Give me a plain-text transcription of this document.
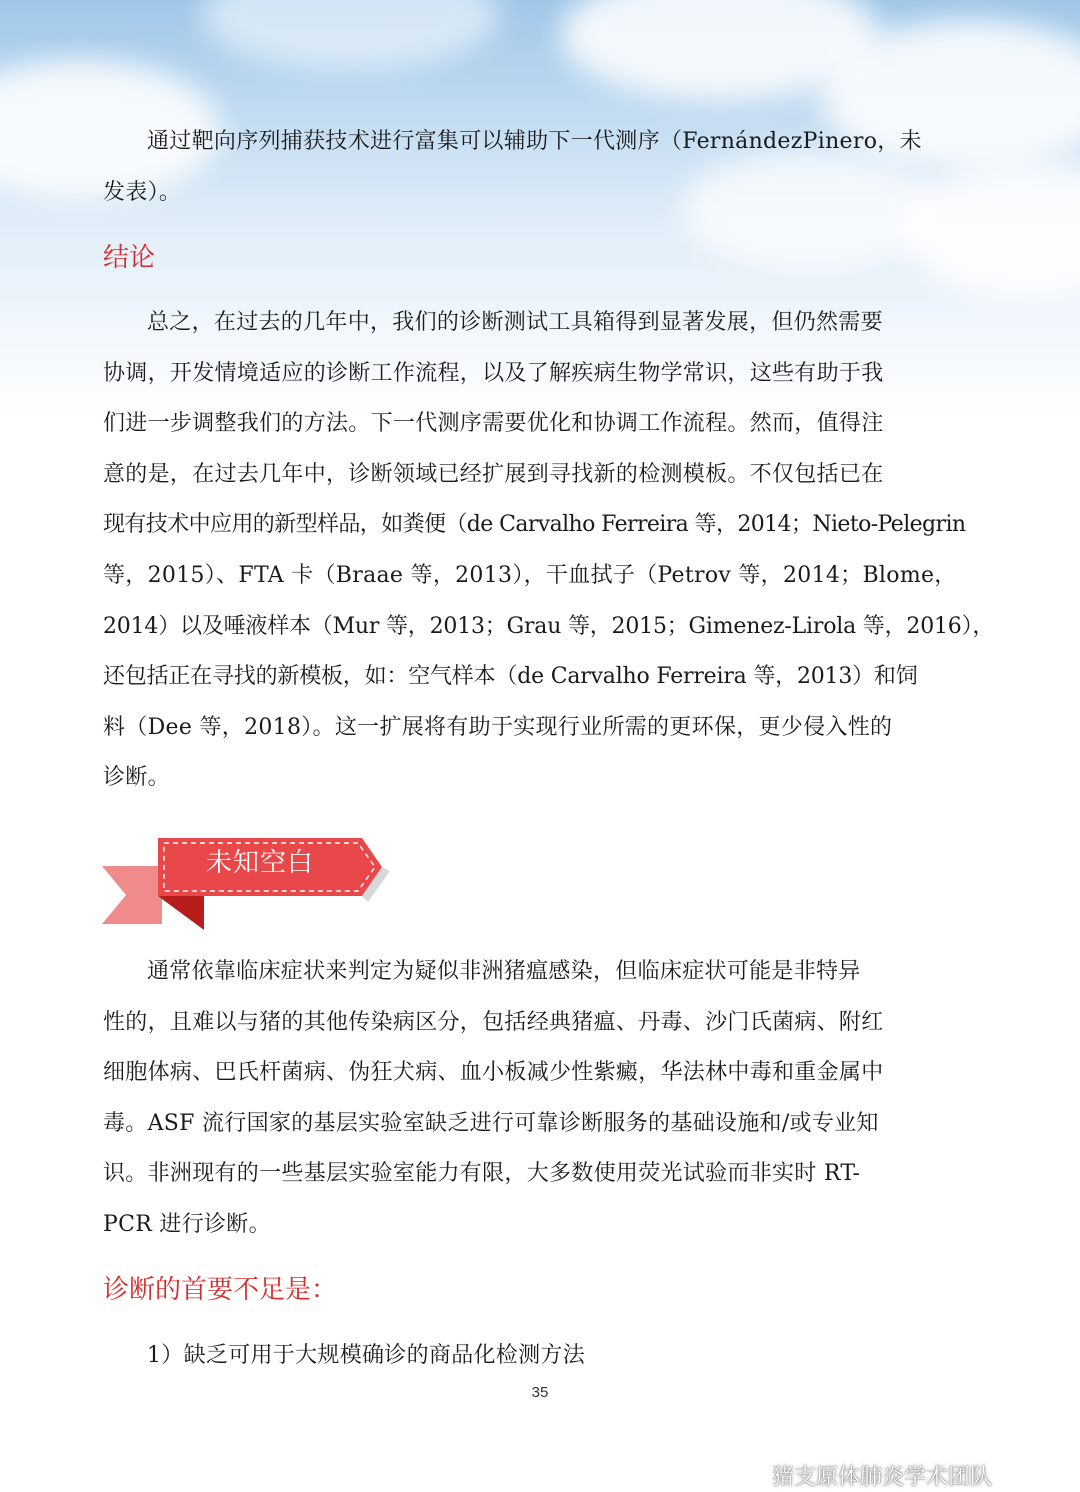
通过靶向序列捕获技术进行富集可以辅助下一代测序（FernándezPinero，未
发表）。

结论

总之，在过去的几年中，我们的诊断测试工具箱得到显著发展，但仍然需要
协调，开发情境适应的诊断工作流程，以及了解疾病生物学常识，这些有助于我
们进一步调整我们的方法。下一代测序需要优化和协调工作流程。然而，值得注
意的是，在过去几年中，诊断领域已经扩展到寻找新的检测模板。不仅包括已在
现有技术中应用的新型样品，如粪便（de Carvalho Ferreira 等，2014；Nieto-Pelegrin
等，2015）、FTA 卡（Braae 等，2013），干血拭子（Petrov 等，2014；Blome，
2014）以及唾液样本（Mur 等，2013；Grau 等，2015；Gimenez-Lirola 等，2016），
还包括正在寻找的新模板，如：空气样本（de Carvalho Ferreira 等，2013）和饲
料（Dee 等，2018）。这一扩展将有助于实现行业所需的更环保，更少侵入性的
诊断。

未知空白

通常依靠临床症状来判定为疑似非洲猪瘟感染，但临床症状可能是非特异
性的，且难以与猪的其他传染病区分，包括经典猪瘟、丹毒、沙门氏菌病、附红
细胞体病、巴氏杆菌病、伪狂犬病、血小板减少性紫癜，华法林中毒和重金属中
毒。ASF 流行国家的基层实验室缺乏进行可靠诊断服务的基础设施和/或专业知
识。非洲现有的一些基层实验室能力有限，大多数使用荧光试验而非实时 RT-
PCR 进行诊断。

诊断的首要不足是：

1）缺乏可用于大规模确诊的商品化检测方法

35
猪支原体肺炎学术团队
